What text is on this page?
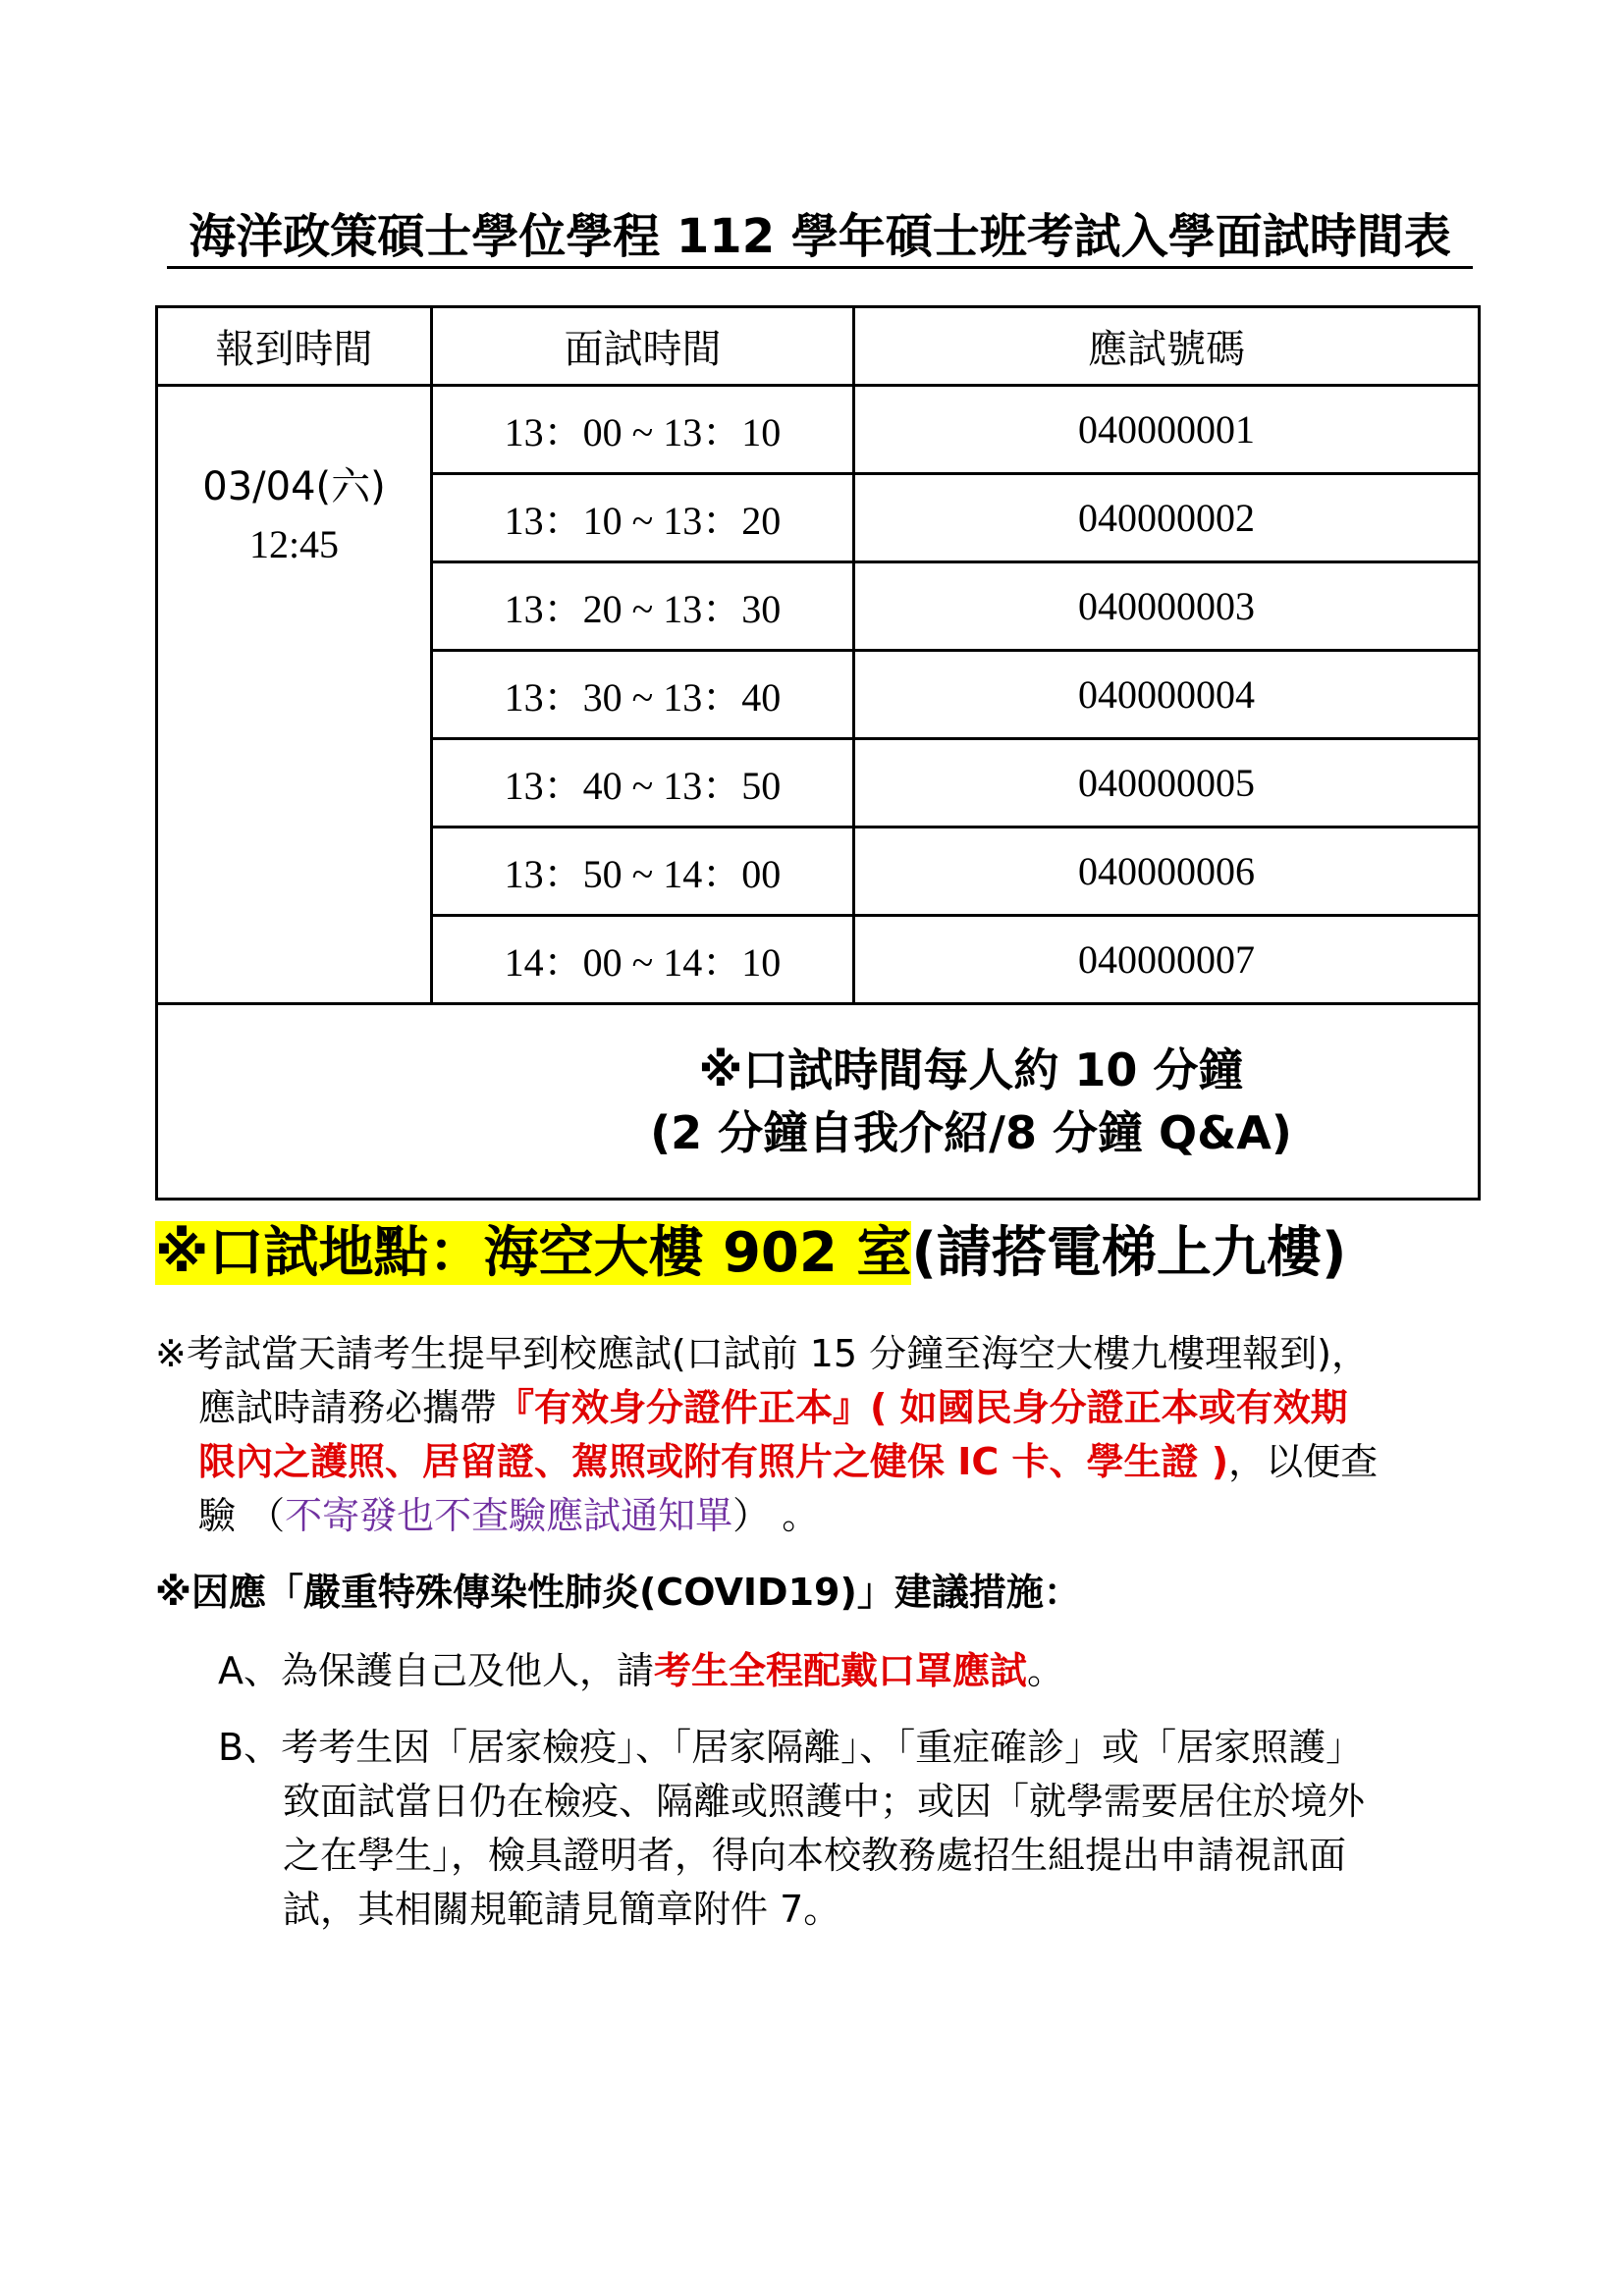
海洋政策碩士學位學程 112 學年碩士班考試入學面試時間表
報到時間	面試時間	應試號碼

03/04(六)
12:45	13：00 ~ 13：10	040000001
	13：10 ~ 13：20	040000002
	13：20 ~ 13：30	040000003
	13：30 ~ 13：40	040000004
	13：40 ~ 13：50	040000005
	13：50 ~ 14：00	040000006
	14：00 ~ 14：10	040000007

※口試時間每人約 10 分鐘
(2 分鐘自我介紹/8 分鐘 Q&A)		
※口試地點：海空大樓 902 室(請搭電梯上九樓)
※考試當天請考生提早到校應試(口試前 15 分鐘至海空大樓九樓理報到)，
應試時請務必攜帶『有效身分證件正本』( 如國民身分證正本或有效期
限內之護照、居留證、駕照或附有照片之健保 IC 卡、學生證 )，以便查
驗 （不寄發也不查驗應試通知單） 。
※因應「嚴重特殊傳染性肺炎(COVID19)」建議措施：
A、為保護自己及他人，請考生全程配戴口罩應試。
B、考考生因「居家檢疫」、「居家隔離」、「重症確診」或「居家照護」
致面試當日仍在檢疫、隔離或照護中；或因「就學需要居住於境外
之在學生」，檢具證明者，得向本校教務處招生組提出申請視訊面
試，其相關規範請見簡章附件 7。
